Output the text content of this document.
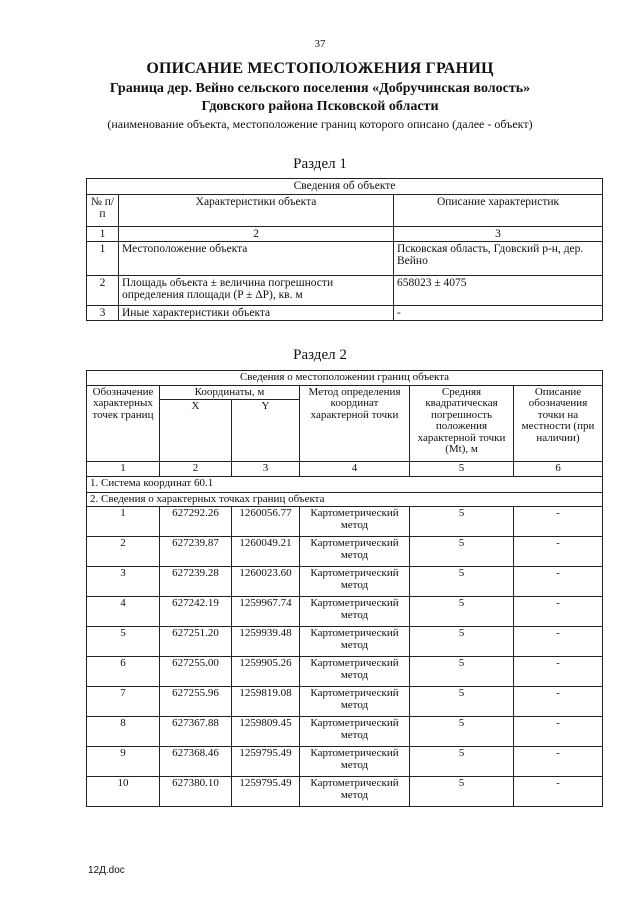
37
ОПИСАНИЕ МЕСТОПОЛОЖЕНИЯ ГРАНИЦ
Граница дер. Вейно сельского поселения «Добручинская волость»
Гдовского района Псковской области
(наименование объекта, местоположение границ которого описано (далее - объект)
Раздел 1
Сведения об объекте		
№ п/п	Характеристики объекта	Описание характеристик
1	2	3
1	Местоположение объекта	Псковская область, Гдовский р-н, дер. Вейно
2	Площадь объекта ± величина погрешности определения площади (P ± ΔP), кв. м	658023 ± 4075
3	Иные характеристики объекта	-
Раздел 2
Сведения о местоположении границ объекта					
Обозначение характерных точек границ	Координаты, м		Метод определения координат характерной точки	Средняя квадратическая погрешность положения характерной точки (Mt), м	Описание обозначения точки на местности (при наличии)
	X	Y			
1	2	3	4	5	6
1. Система координат 60.1					
2. Сведения о характерных точках границ объекта					
1	627292.26	1260056.77	Картометрический метод	5	-
2	627239.87	1260049.21	Картометрический метод	5	-
3	627239.28	1260023.60	Картометрический метод	5	-
4	627242.19	1259967.74	Картометрический метод	5	-
5	627251.20	1259939.48	Картометрический метод	5	-
6	627255.00	1259905.26	Картометрический метод	5	-
7	627255.96	1259819.08	Картометрический метод	5	-
8	627367.88	1259809.45	Картометрический метод	5	-
9	627368.46	1259795.49	Картометрический метод	5	-
10	627380.10	1259795.49	Картометрический метод	5	-
12Д.doc
